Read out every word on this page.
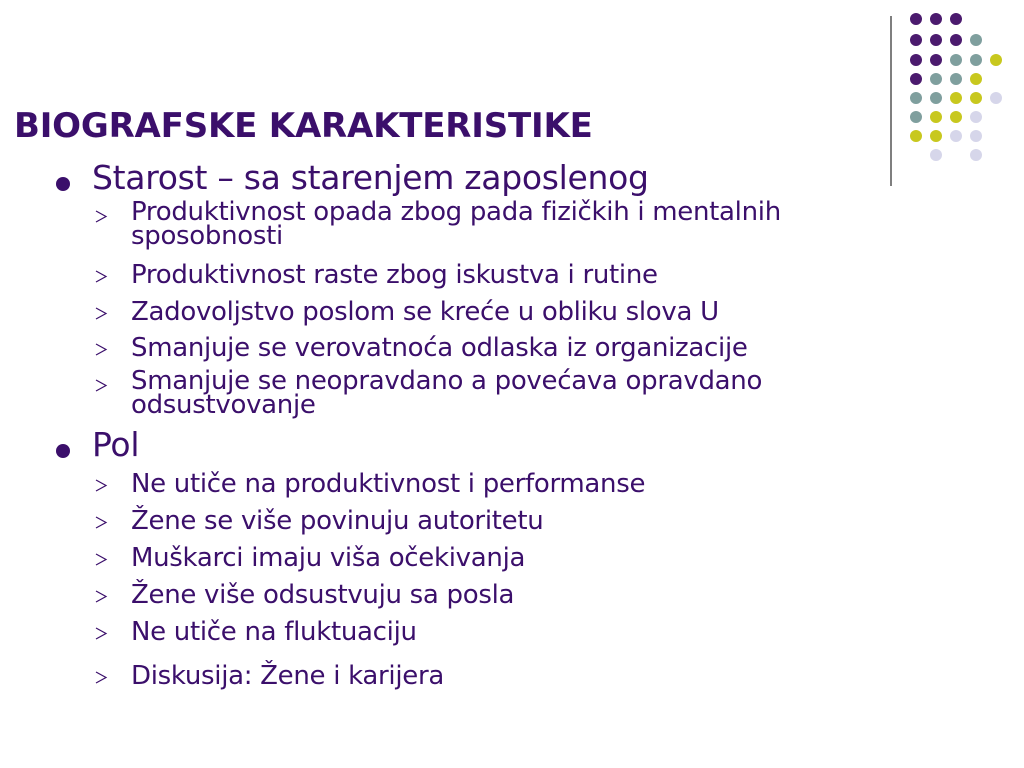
BIOGRAFSKE KARAKTERISTIKE
Starost – sa starenjem zaposlenog
Produktivnost opada zbog pada fizičkih i mentalnih
sposobnosti
Produktivnost raste zbog iskustva i rutine
Zadovoljstvo poslom se kreće u obliku slova U
Smanjuje se verovatnoća odlaska iz organizacije
Smanjuje se neopravdano a povećava opravdano
odsustvovanje
Pol
Ne utiče na produktivnost i performanse
Žene se više povinuju autoritetu
Muškarci imaju viša očekivanja
Žene više odsustvuju sa posla
Ne utiče na fluktuaciju
Diskusija: Žene i karijera
